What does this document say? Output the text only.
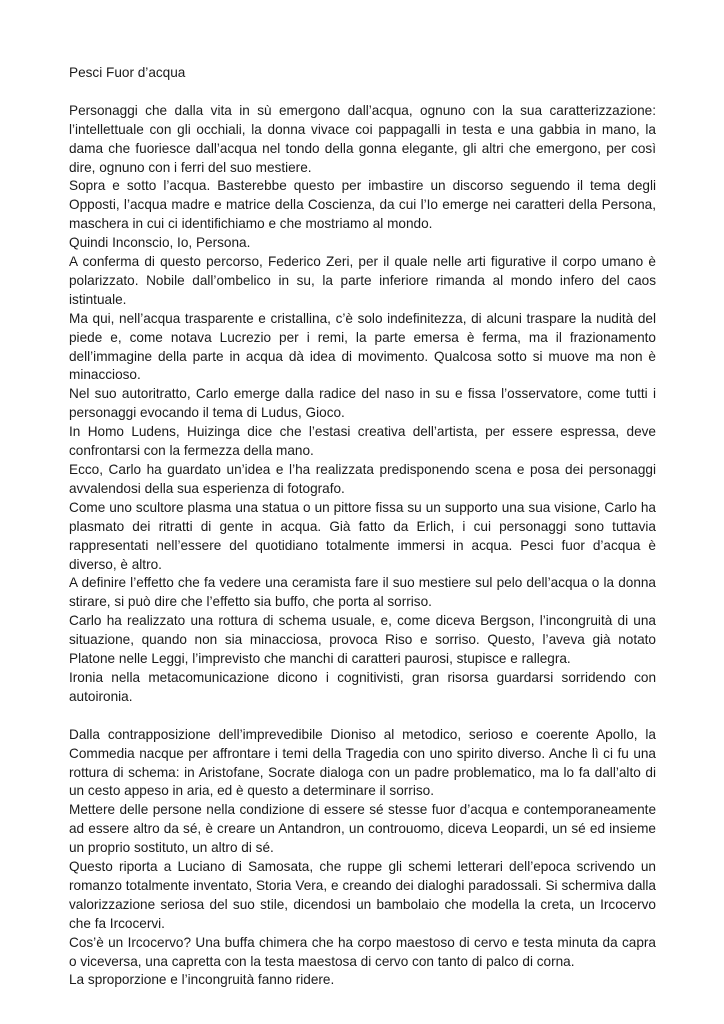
Pesci Fuor d’acqua

Personaggi che dalla vita in sù emergono dall’acqua, ognuno con la sua caratterizzazione: l’intellettuale con gli occhiali, la donna vivace coi pappagalli in testa e una gabbia in mano, la dama che fuoriesce dall’acqua nel tondo della gonna elegante, gli altri che emergono, per così dire, ognuno con i ferri del suo mestiere.

Sopra e sotto l’acqua. Basterebbe questo per imbastire un discorso seguendo il tema degli Opposti, l’acqua madre e matrice della Coscienza, da cui l’Io emerge nei caratteri della Persona, maschera in cui ci identifichiamo e che mostriamo al mondo.

Quindi Inconscio, Io, Persona.

A conferma di questo percorso, Federico Zeri, per il quale nelle arti figurative il corpo umano è polarizzato. Nobile dall’ombelico in su, la parte inferiore rimanda al mondo infero del caos istintuale.

Ma qui, nell’acqua trasparente e cristallina, c’è solo indefinitezza, di alcuni traspare la nudità del piede e, come notava Lucrezio per i remi, la parte emersa è ferma, ma il frazionamento dell’immagine della parte in acqua dà idea di movimento. Qualcosa sotto si muove ma non è minaccioso.

Nel suo autoritratto, Carlo emerge dalla radice del naso in su e fissa l’osservatore, come tutti i personaggi evocando il tema di Ludus, Gioco.

In Homo Ludens, Huizinga dice che l’estasi creativa dell’artista, per essere espressa, deve confrontarsi con la fermezza della mano.

Ecco, Carlo ha guardato un’idea e l’ha realizzata predisponendo scena e posa dei personaggi avvalendosi della sua esperienza di fotografo.

Come uno scultore plasma una statua o un pittore fissa su un supporto una sua visione, Carlo ha plasmato dei ritratti di gente in acqua. Già fatto da Erlich, i cui personaggi sono tuttavia rappresentati nell’essere del quotidiano totalmente immersi in acqua. Pesci fuor d’acqua è diverso, è altro.

A definire l’effetto che fa vedere una ceramista fare il suo mestiere sul pelo dell’acqua o la donna stirare, si può dire che l’effetto sia buffo, che porta al sorriso.

Carlo ha realizzato una rottura di schema usuale, e, come diceva Bergson, l’incongruità di una situazione, quando non sia minacciosa, provoca Riso e sorriso. Questo, l’aveva già notato Platone nelle Leggi, l’imprevisto che manchi di caratteri paurosi, stupisce e rallegra.

Ironia nella metacomunicazione dicono i cognitivisti, gran risorsa guardarsi sorridendo con autoironia.

Dalla contrapposizione dell’imprevedibile Dioniso al metodico, serioso e coerente Apollo, la Commedia nacque per affrontare i temi della Tragedia con uno spirito diverso. Anche lì ci fu una rottura di schema: in Aristofane, Socrate dialoga con un padre problematico, ma lo fa dall’alto di un cesto appeso in aria, ed è questo a determinare il sorriso.

Mettere delle persone nella condizione di essere sé stesse fuor d’acqua e contemporaneamente ad essere altro da sé, è creare un Antandron, un controuomo, diceva Leopardi, un sé ed insieme un proprio sostituto, un altro di sé.

Questo riporta a Luciano di Samosata, che ruppe gli schemi letterari dell’epoca scrivendo un romanzo totalmente inventato, Storia Vera, e creando dei dialoghi paradossali. Si schermiva dalla valorizzazione seriosa del suo stile, dicendosi un bambolaio che modella la creta, un Ircocervo che fa Ircocervi.

Cos’è un Ircocervo? Una buffa chimera che ha corpo maestoso di cervo e testa minuta da capra o viceversa, una capretta con la testa maestosa di cervo con tanto di palco di corna.

La sproporzione e l’incongruità fanno ridere.
